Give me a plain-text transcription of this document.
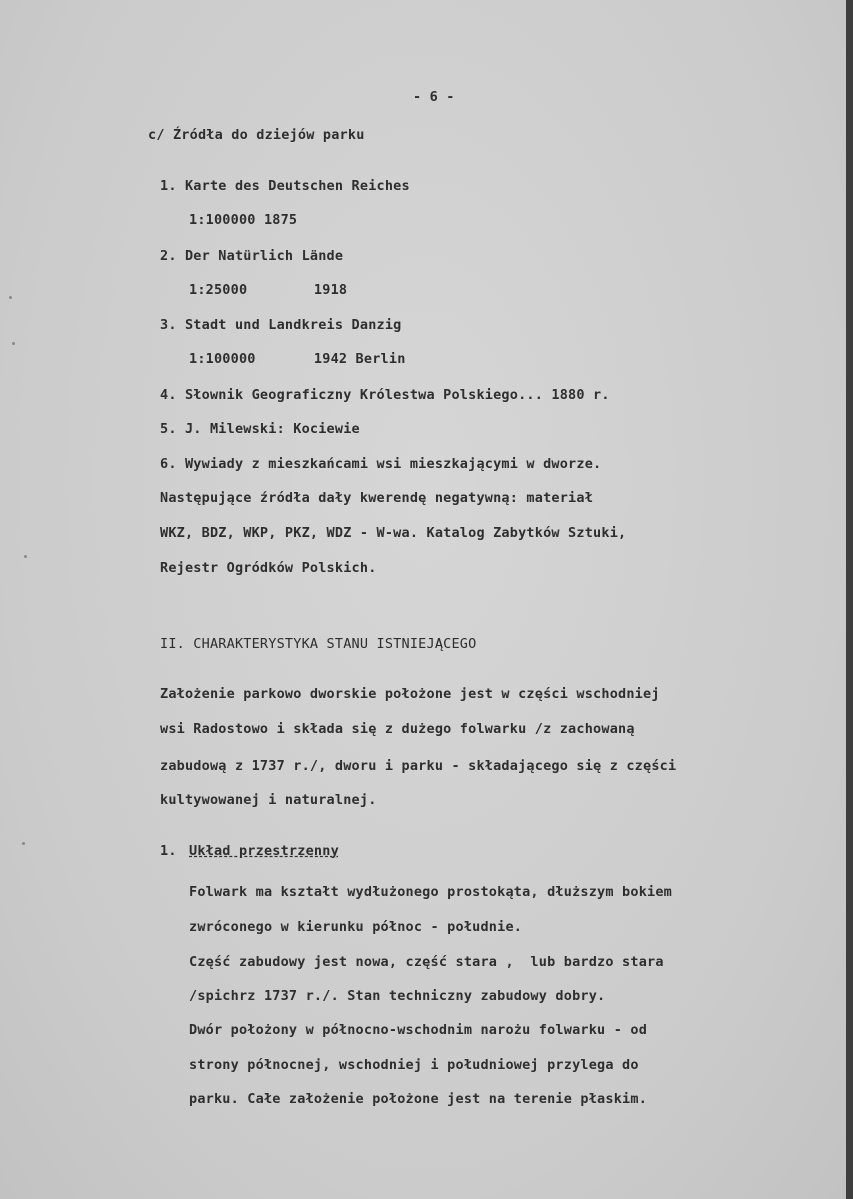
- 6 -
c/ Źródła do dziejów parku
1. Karte des Deutschen Reiches
1:100000 1875
2. Der Natürlich Lände
1:25000        1918
3. Stadt und Landkreis Danzig
1:100000       1942 Berlin
4. Słownik Geograficzny Królestwa Polskiego... 1880 r.
5. J. Milewski: Kociewie
6. Wywiady z mieszkańcami wsi mieszkającymi w dworze.
Następujące źródła dały kwerendę negatywną: materiał
WKZ, BDZ, WKP, PKZ, WDZ - W-wa. Katalog Zabytków Sztuki,
Rejestr Ogródków Polskich.
II. CHARAKTERYSTYKA STANU ISTNIEJĄCEGO
Założenie parkowo dworskie położone jest w części wschodniej
wsi Radostowo i składa się z dużego folwarku /z zachowaną
zabudową z 1737 r./, dworu i parku - składającego się z części
kultywowanej i naturalnej.
1. Układ przestrzenny
Folwark ma kształt wydłużonego prostokąta, dłuższym bokiem
zwróconego w kierunku północ - południe.
Część zabudowy jest nowa, część stara ,  lub bardzo stara
/spichrz 1737 r./. Stan techniczny zabudowy dobry.
Dwór położony w północno-wschodnim narożu folwarku - od
strony północnej, wschodniej i południowej przylega do
parku. Całe założenie położone jest na terenie płaskim.
